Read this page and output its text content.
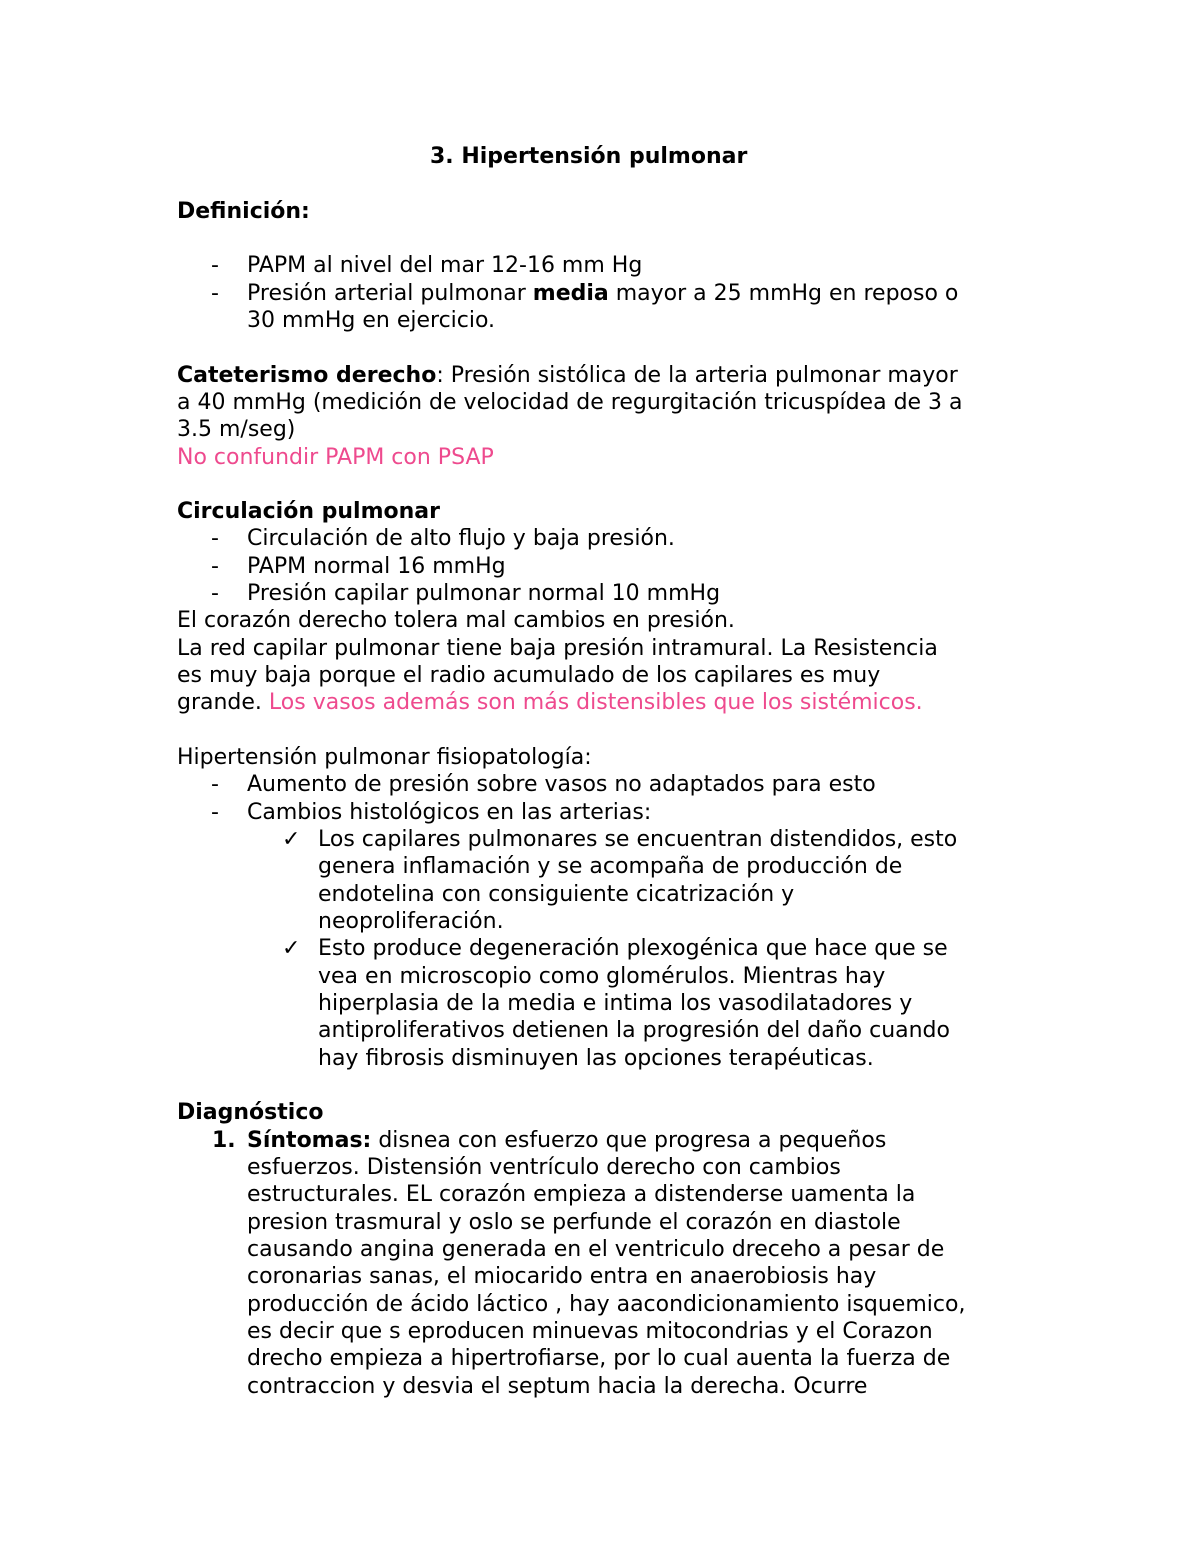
3. Hipertensión pulmonar
Definición:
- PAPM al nivel del mar 12-16 mm Hg
- Presión arterial pulmonar media mayor a 25 mmHg en reposo o
30 mmHg en ejercicio.
Cateterismo derecho: Presión sistólica de la arteria pulmonar mayor
a 40 mmHg (medición de velocidad de regurgitación tricuspídea de 3 a
3.5 m/seg)
No confundir PAPM con PSAP
Circulación pulmonar
- Circulación de alto flujo y baja presión.
- PAPM normal 16 mmHg
- Presión capilar pulmonar normal 10 mmHg
El corazón derecho tolera mal cambios en presión.
La red capilar pulmonar tiene baja presión intramural. La Resistencia
es muy baja porque el radio acumulado de los capilares es muy
grande. Los vasos además son más distensibles que los sistémicos.
Hipertensión pulmonar fisiopatología:
- Aumento de presión sobre vasos no adaptados para esto
- Cambios histológicos en las arterias:
✓ Los capilares pulmonares se encuentran distendidos, esto
genera inflamación y se acompaña de producción de
endotelina con consiguiente cicatrización y
neoproliferación.
✓ Esto produce degeneración plexogénica que hace que se
vea en microscopio como glomérulos. Mientras hay
hiperplasia de la media e intima los vasodilatadores y
antiproliferativos detienen la progresión del daño cuando
hay fibrosis disminuyen las opciones terapéuticas.
Diagnóstico
1. Síntomas: disnea con esfuerzo que progresa a pequeños
esfuerzos. Distensión ventrículo derecho con cambios
estructurales. EL corazón empieza a distenderse uamenta la
presion trasmural y oslo se perfunde el corazón en diastole
causando angina generada en el ventriculo dreceho a pesar de
coronarias sanas, el miocarido entra en anaerobiosis hay
producción de ácido láctico , hay aacondicionamiento isquemico,
es decir que s eproducen minuevas mitocondrias y el Corazon
drecho empieza a hipertrofiarse, por lo cual auenta la fuerza de
contraccion y desvia el septum hacia la derecha. Ocurre
